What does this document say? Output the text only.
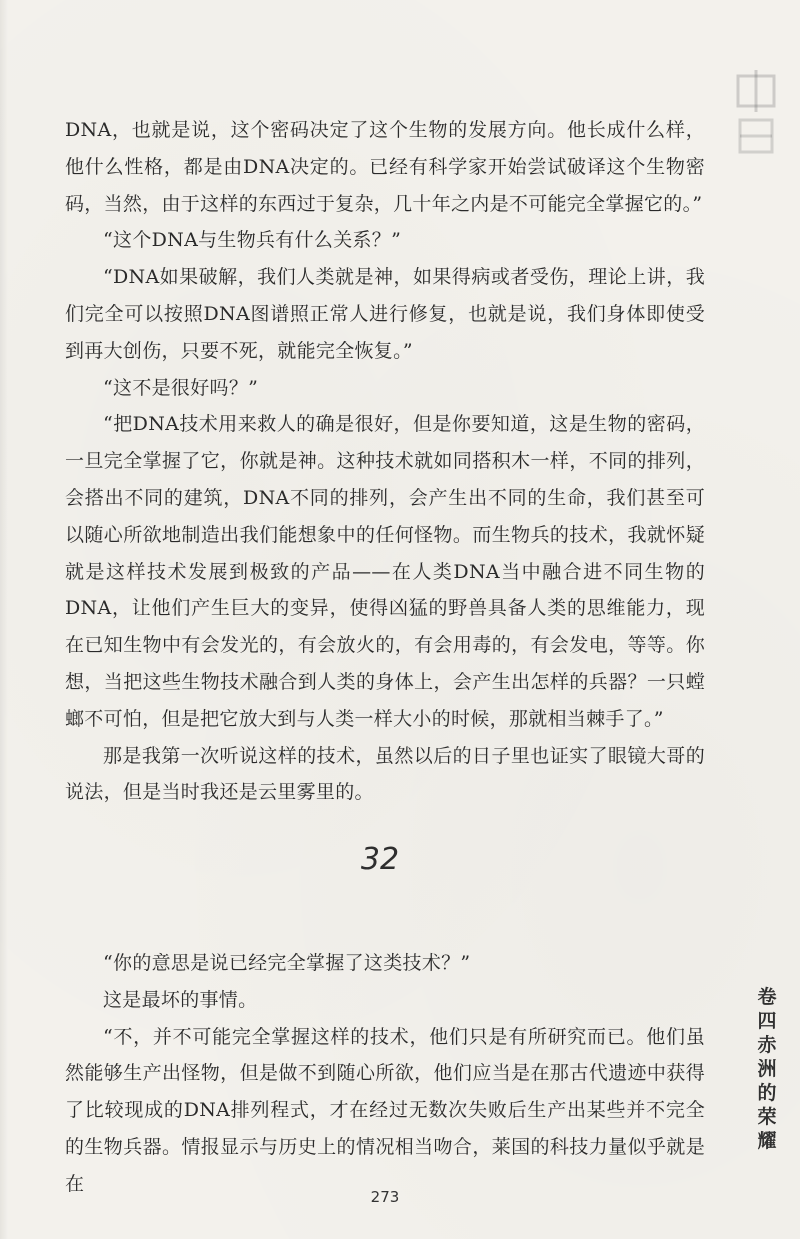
DNA，也就是说，这个密码决定了这个生物的发展方向。他长成什么样，他什么性格，都是由DNA决定的。已经有科学家开始尝试破译这个生物密码，当然，由于这样的东西过于复杂，几十年之内是不可能完全掌握它的。”

“这个DNA与生物兵有什么关系？”

“DNA如果破解，我们人类就是神，如果得病或者受伤，理论上讲，我们完全可以按照DNA图谱照正常人进行修复，也就是说，我们身体即使受到再大创伤，只要不死，就能完全恢复。”

“这不是很好吗？”

“把DNA技术用来救人的确是很好，但是你要知道，这是生物的密码，一旦完全掌握了它，你就是神。这种技术就如同搭积木一样，不同的排列，会搭出不同的建筑，DNA不同的排列，会产生出不同的生命，我们甚至可以随心所欲地制造出我们能想象中的任何怪物。而生物兵的技术，我就怀疑就是这样技术发展到极致的产品——在人类DNA当中融合进不同生物的DNA，让他们产生巨大的变异，使得凶猛的野兽具备人类的思维能力，现在已知生物中有会发光的，有会放火的，有会用毒的，有会发电，等等。你想，当把这些生物技术融合到人类的身体上，会产生出怎样的兵器？一只螳螂不可怕，但是把它放大到与人类一样大小的时候，那就相当棘手了。”

那是我第一次听说这样的技术，虽然以后的日子里也证实了眼镜大哥的说法，但是当时我还是云里雾里的。

32

“你的意思是说已经完全掌握了这类技术？”

这是最坏的事情。

“不，并不可能完全掌握这样的技术，他们只是有所研究而已。他们虽然能够生产出怪物，但是做不到随心所欲，他们应当是在那古代遗迹中获得了比较现成的DNA排列程式，才在经过无数次失败后生产出某些并不完全的生物兵器。情报显示与历史上的情况相当吻合，莱国的科技力量似乎就是在

卷四 赤洲的荣耀
273
